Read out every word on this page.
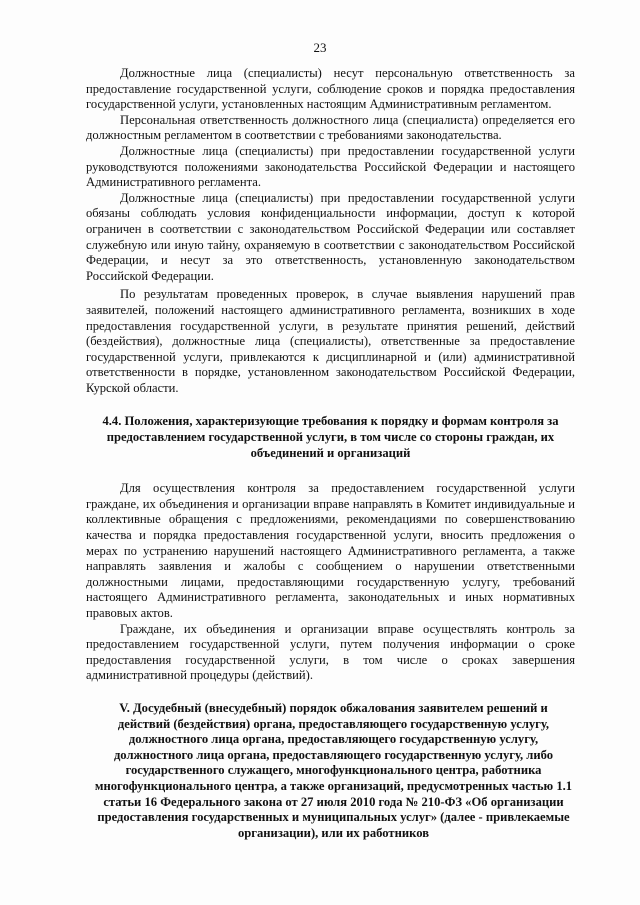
23

Должностные лица (специалисты) несут персональную ответственность за предоставление государственной услуги, соблюдение сроков и порядка предоставления государственной услуги, установленных настоящим Административным регламентом.

Персональная ответственность должностного лица (специалиста) определяется его должностным регламентом в соответствии с требованиями законодательства.

Должностные лица (специалисты) при предоставлении государственной услуги руководствуются положениями законодательства Российской Федерации и настоящего Административного регламента.

Должностные лица (специалисты) при предоставлении государственной услуги обязаны соблюдать условия конфиденциальности информации, доступ к которой ограничен в соответствии с законодательством Российской Федерации или составляет служебную или иную тайну, охраняемую в соответствии с законодательством Российской Федерации, и несут за это ответственность, установленную законодательством Российской Федерации.

По результатам проведенных проверок, в случае выявления нарушений прав заявителей, положений настоящего административного регламента, возникших в ходе предоставления государственной услуги, в результате принятия решений, действий (бездействия), должностные лица (специалисты), ответственные за предоставление государственной услуги, привлекаются к дисциплинарной и (или) административной ответственности в порядке, установленном законодательством Российской Федерации, Курской области.

4.4. Положения, характеризующие требования к порядку и формам контроля за предоставлением государственной услуги, в том числе со стороны граждан, их объединений и организаций

Для осуществления контроля за предоставлением государственной услуги граждане, их объединения и организации вправе направлять в Комитет индивидуальные и коллективные обращения с предложениями, рекомендациями по совершенствованию качества и порядка предоставления государственной услуги, вносить предложения о мерах по устранению нарушений настоящего Административного регламента, а также направлять заявления и жалобы с сообщением о нарушении ответственными должностными лицами, предоставляющими государственную услугу, требований настоящего Административного регламента, законодательных и иных нормативных правовых актов.

Граждане, их объединения и организации вправе осуществлять контроль за предоставлением государственной услуги, путем получения информации о сроке предоставления государственной услуги, в том числе о сроках завершения административной процедуры (действий).

V. Досудебный (внесудебный) порядок обжалования заявителем решений и действий (бездействия) органа, предоставляющего государственную услугу, должностного лица органа, предоставляющего государственную услугу, должностного лица органа, предоставляющего государственную услугу, либо государственного служащего, многофункционального центра, работника многофункционального центра, а также организаций, предусмотренных частью 1.1 статьи 16 Федерального закона от 27 июля 2010 года № 210-ФЗ «Об организации предоставления государственных и муниципальных услуг» (далее - привлекаемые организации), или их работников
